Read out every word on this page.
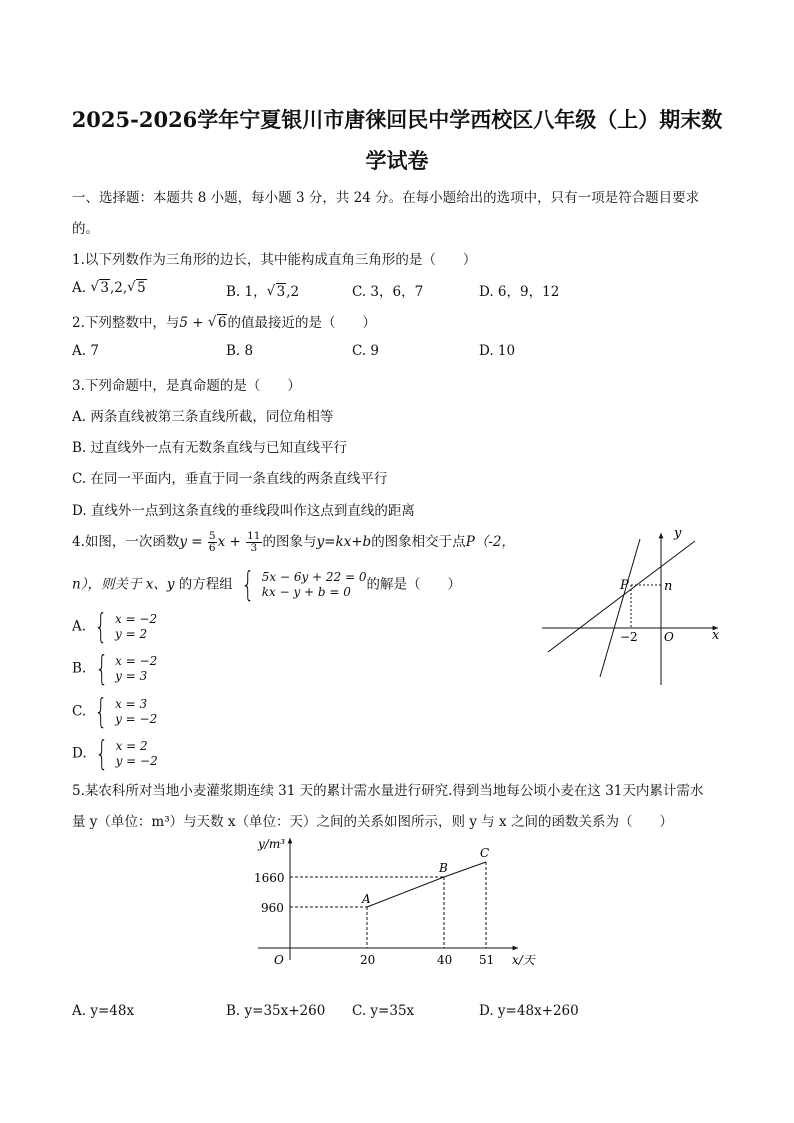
2025-2026学年宁夏银川市唐徕回民中学西校区八年级（上）期末数
学试卷
一、选择题：本题共 8 小题，每小题 3 分，共 24 分。在每小题给出的选项中，只有一项是符合题目要求
的。
1.以下列数作为三角形的边长，其中能构成直角三角形的是（　　）
A. √ 3,2, √ 5	B. 1， √ 3,2	C. 3，6，7	D. 6，9，12
2.下列整数中，与5 + √ 6的值最接近的是（　　）
A. 7	B. 8	C. 9	D. 10
3.下列命题中，是真命题的是（　　）
A. 两条直线被第三条直线所截，同位角相等
B. 过直线外一点有无数条直线与已知直线平行
C. 在同一平面内，垂直于同一条直线的两条直线平行
D. 直线外一点到这条直线的垂线段叫作这点到直线的距离
4.如图，一次函数$y = \frac{5}{6}$ $x + \frac{11}{3}$ 的图象与y=kx+b的图象相交于点P（-2，
n），则关于 x、y 的方程组 { 5x − 6y + 22 = 0
kx − y + b = 0	的解是（　　）
A. { x = −2
y = 2
B. { x = −2
y = 3
C. { x = 3
y = −2
D. { x = 2
y = −2
y
x
P	n
−2 O
5.某农科所对当地小麦灌浆期连续 31 天的累计需水量进行研究.得到当地每公顷小麦在这 31天内累计需水
量 y（单位：m³）与天数 x（单位：天）之间的关系如图所示，则 y 与 x 之间的函数关系为（　　）
y/m³
x/天
O
1660
960
20	40 51
A
B
C
A. y=48x	B. y=35x+260 C. y=35x	D. y=48x+260
